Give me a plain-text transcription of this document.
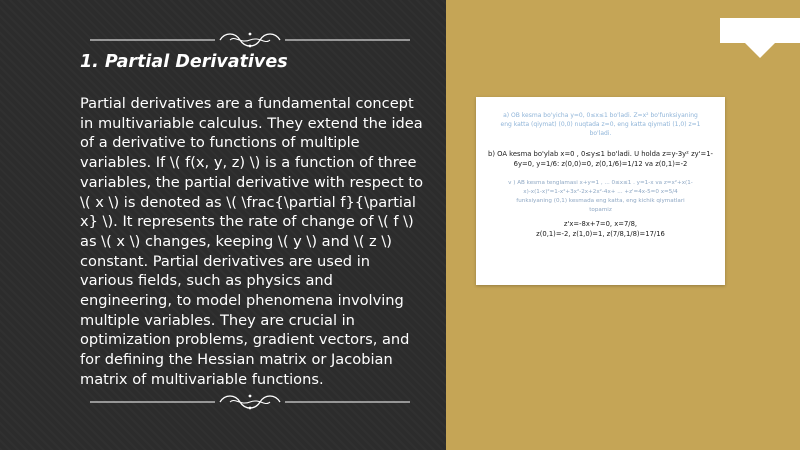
1. Partial Derivatives
Partial derivatives are a fundamental concept in multivariable calculus. They extend the idea of a derivative to functions of multiple variables. If \( f(x, y, z) \) is a function of three variables, the partial derivative with respect to \( x \) is denoted as \( \frac{\partial f}{\partial x} \). It represents the rate of change of \( f \) as \( x \) changes, keeping \( y \) and \( z \) constant. Partial derivatives are used in various fields, such as physics and engineering, to model phenomena involving multiple variables. They are crucial in optimization problems, gradient vectors, and for defining the Hessian matrix or Jacobian matrix of multivariable functions.
a) OB kesma bo'yicha y=0, 0≤x≤1 bo'ladi. Z=x² bo'funksiyaning
eng katta (qiymat) (0,0) nuqtada z=0, eng katta qiymati (1,0) z=1
bo'ladi.
b) OA kesma bo'ylab x=0 , 0≤y≤1 bo'ladi. U holda z=y-3y² zy'=1-
6y=0, y=1/6: z(0,0)=0, z(0,1/6)=1/12 va z(0,1)=-2
v ) AB kesma tenglamasi x+y=1 , ... 0≤x≤1 . y=1-x va z=x²+x(1-
x)-x(1-x)²=1-x²+3x²-2x+2x²-4x+ ... +z'=4x-5=0 x=5/4
funksiyaning (0,1) kesmada eng katta, eng kichik qiymatlari
topamiz
z'x=-8x+7=0, x=7/8,
z(0,1)=-2, z(1,0)=1, z(7/8,1/8)=17/16
